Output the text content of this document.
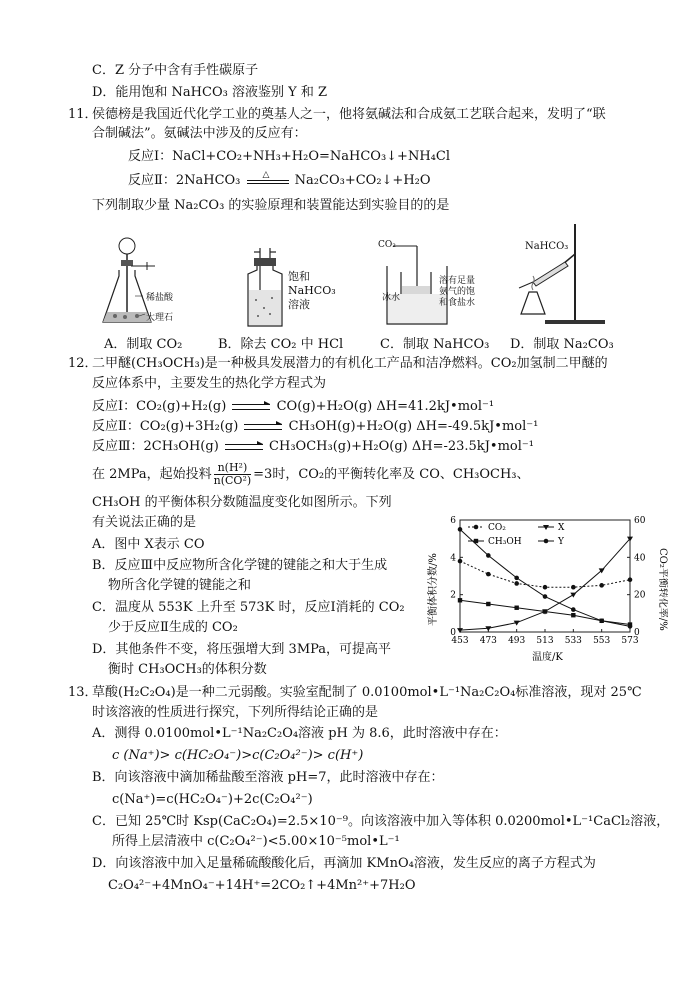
C．Z 分子中含有手性碳原子
D．能用饱和 NaHCO₃ 溶液鉴别 Y 和 Z
11．
侯德榜是我国近代化学工业的奠基人之一，他将氨碱法和合成氨工艺联合起来，发明了“联
合制碱法”。氨碱法中涉及的反应有：
反应Ⅰ：NaCl+CO₂+NH₃+H₂O=NaHCO₃↓+NH₄Cl
反应Ⅱ：2NaHCO₃ △ Na₂CO₃+CO₂↓+H₂O
下列制取少量 Na₂CO₃ 的实验原理和装置能达到实验目的的是
稀盐酸
大理石
饱和
NaHCO₃
溶液
CO₂
冰水
溶有足量
氨气的饱
和食盐水
NaHCO₃
A．制取 CO₂	B．除去 CO₂ 中 HCl	C．制取 NaHCO₃ D．制取 Na₂CO₃
12．
二甲醚(CH₃OCH₃)是一种极具发展潜力的有机化工产品和洁净燃料。CO₂加氢制二甲醚的
反应体系中，主要发生的热化学方程式为
反应Ⅰ：CO₂(g)+H₂(g)	CO(g)+H₂O(g) ΔH=41.2kJ•mol⁻¹
反应Ⅱ：CO₂(g)+3H₂(g)	CH₃OH(g)+H₂O(g) ΔH=-49.5kJ•mol⁻¹
反应Ⅲ：2CH₃OH(g)	CH₃OCH₃(g)+H₂O(g) ΔH=-23.5kJ•mol⁻¹
在 2MPa，起始投料 $\frac{\text{n(H²)}}{\text{n(CO²)}} =3$时，CO₂的平衡转化率及 CO、CH₃OCH₃、
CH₃OH 的平衡体积分数随温度变化如图所示。下列
有关说法正确的是
A．图中 X表示 CO
B．反应Ⅲ中反应物所含化学键的键能之和大于生成
物所含化学键的键能之和
C．温度从 553K 上升至 573K 时，反应Ⅰ消耗的 CO₂
少于反应Ⅱ生成的 CO₂
D．其他条件不变，将压强增大到 3MPa，可提高平
衡时 CH₃OCH₃的体积分数
453 473 493 513 533 553 573
0
2
4
6
0
20
40
60
CO₂	X
CH₃OH	Y
平衡体积分数/%	CO₂平衡转化率/%
温度/K
13．
草酸(H₂C₂O₄)是一种二元弱酸。实验室配制了 0.0100mol•L⁻¹Na₂C₂O₄标准溶液，现对 25℃
时该溶液的性质进行探究，下列所得结论正确的是
A．测得 0.0100mol•L⁻¹Na₂C₂O₄溶液 pH 为 8.6，此时溶液中存在：
c (Na⁺)> c(HC₂O₄⁻)>c(C₂O₄²⁻)> c(H⁺)
B．向该溶液中滴加稀盐酸至溶液 pH=7，此时溶液中存在：
c(Na⁺)=c(HC₂O₄⁻)+2c(C₂O₄²⁻)
C．已知 25℃时 Ksp(CaC₂O₄)=2.5×10⁻⁹。向该溶液中加入等体积 0.0200mol•L⁻¹CaCl₂溶液，
所得上层清液中 c(C₂O₄²⁻)<5.00×10⁻⁵mol•L⁻¹
D．向该溶液中加入足量稀硫酸酸化后，再滴加 KMnO₄溶液，发生反应的离子方程式为
C₂O₄²⁻+4MnO₄⁻+14H⁺=2CO₂↑+4Mn²⁺+7H₂O
